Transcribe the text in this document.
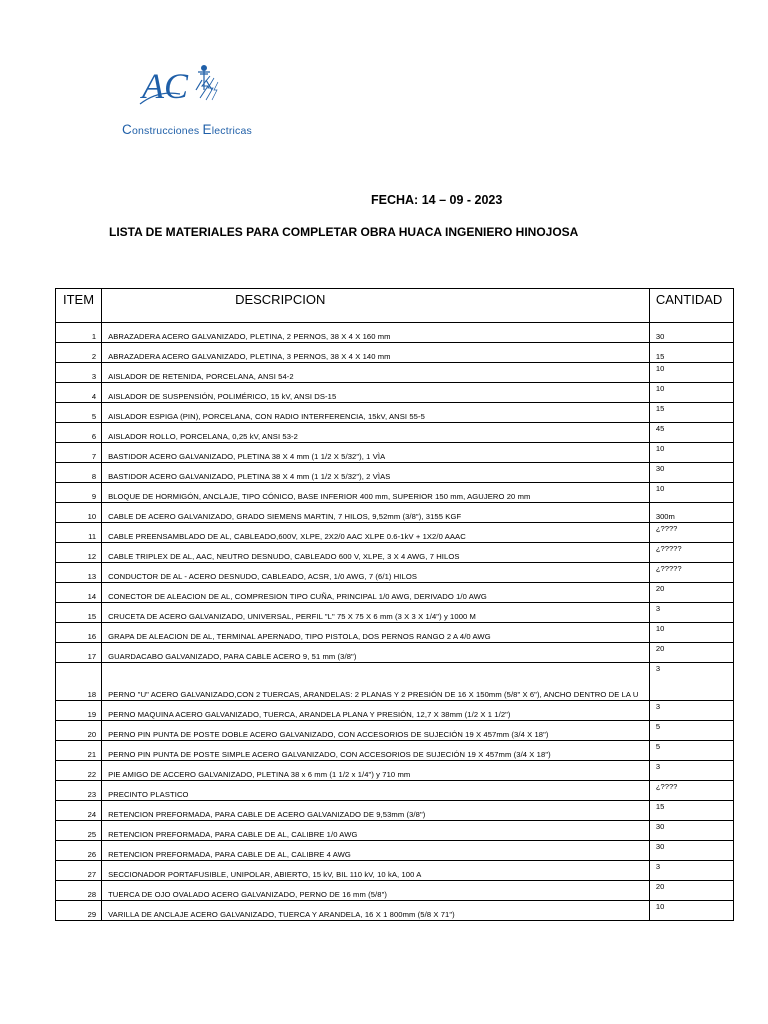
AC
Construcciones Electricas
FECHA: 14 – 09 - 2023
LISTA DE MATERIALES PARA COMPLETAR OBRA HUACA INGENIERO HINOJOSA
ITEM	DESCRIPCION	CANTIDAD
1	ABRAZADERA ACERO GALVANIZADO, PLETINA, 2 PERNOS, 38 X 4 X 160 mm	30
2	ABRAZADERA ACERO GALVANIZADO, PLETINA, 3 PERNOS, 38 X 4 X 140 mm	15
3	AISLADOR DE RETENIDA, PORCELANA, ANSI 54-2	10
4	AISLADOR DE SUSPENSIÓN, POLIMÉRICO, 15 kV, ANSI DS-15	10
5	AISLADOR ESPIGA (PIN), PORCELANA, CON RADIO INTERFERENCIA, 15kV, ANSI 55-5	15
6	AISLADOR ROLLO, PORCELANA, 0,25 kV, ANSI 53-2	45
7	BASTIDOR ACERO GALVANIZADO, PLETINA 38 X 4 mm (1 1/2 X 5/32"), 1 VÌA	10
8	BASTIDOR ACERO GALVANIZADO, PLETINA 38 X 4 mm (1 1/2 X 5/32"), 2 VÌAS	30
9	BLOQUE DE HORMIGÓN, ANCLAJE, TIPO CÓNICO, BASE INFERIOR 400 mm, SUPERIOR 150 mm, AGUJERO 20 mm	10
10	CABLE DE ACERO GALVANIZADO, GRADO SIEMENS MARTIN, 7 HILOS, 9,52mm (3/8"), 3155 KGF	300m
11	CABLE PREENSAMBLADO DE AL, CABLEADO,600V, XLPE, 2X2/0 AAC XLPE 0.6-1kV + 1X2/0 AAAC	¿????
12	CABLE TRIPLEX DE AL, AAC, NEUTRO DESNUDO, CABLEADO 600 V, XLPE, 3 X 4 AWG, 7 HILOS	¿?????
13	CONDUCTOR DE AL - ACERO DESNUDO, CABLEADO, ACSR, 1/0 AWG, 7 (6/1) HILOS	¿?????
14	CONECTOR DE ALEACION DE AL, COMPRESION TIPO CUÑA, PRINCIPAL 1/0 AWG, DERIVADO 1/0 AWG	20
15	CRUCETA DE ACERO GALVANIZADO, UNIVERSAL, PERFIL "L" 75 X 75 X 6 mm (3 X 3 X 1/4") y 1000 M	3
16	GRAPA DE ALEACION DE AL, TERMINAL APERNADO, TIPO PISTOLA, DOS PERNOS RANGO 2 A 4/0 AWG	10
17	GUARDACABO GALVANIZADO, PARA CABLE ACERO 9, 51 mm (3/8")	20
18	PERNO "U" ACERO GALVANIZADO,CON 2 TUERCAS, ARANDELAS: 2 PLANAS Y 2 PRESIÓN DE 16 X 150mm (5/8" X 6"), ANCHO DENTRO DE LA U	3
19	PERNO MAQUINA ACERO GALVANIZADO, TUERCA, ARANDELA PLANA Y PRESIÓN, 12,7 X 38mm (1/2 X 1 1/2")	3
20	PERNO PIN PUNTA DE POSTE DOBLE ACERO GALVANIZADO, CON ACCESORIOS DE SUJECIÓN 19 X 457mm (3/4 X 18")	5
21	PERNO PIN PUNTA DE POSTE SIMPLE ACERO GALVANIZADO, CON ACCESORIOS DE SUJECIÓN 19 X 457mm (3/4 X 18")	5
22	PIE AMIGO DE ACCERO GALVANIZADO, PLETINA 38 x 6 mm (1 1/2 x 1/4") y 710 mm	3
23	PRECINTO PLASTICO	¿????
24	RETENCION PREFORMADA, PARA CABLE DE ACERO GALVANIZADO DE 9,53mm (3/8")	15
25	RETENCION PREFORMADA, PARA CABLE DE AL, CALIBRE 1/0 AWG	30
26	RETENCION PREFORMADA, PARA CABLE DE AL, CALIBRE 4 AWG	30
27	SECCIONADOR PORTAFUSIBLE, UNIPOLAR, ABIERTO, 15 kV, BIL 110 kV, 10 kA, 100 A	3
28	TUERCA DE OJO OVALADO ACERO GALVANIZADO, PERNO DE 16 mm (5/8")	20
29	VARILLA DE ANCLAJE ACERO GALVANIZADO, TUERCA Y ARANDELA, 16 X 1 800mm (5/8 X 71")	10
